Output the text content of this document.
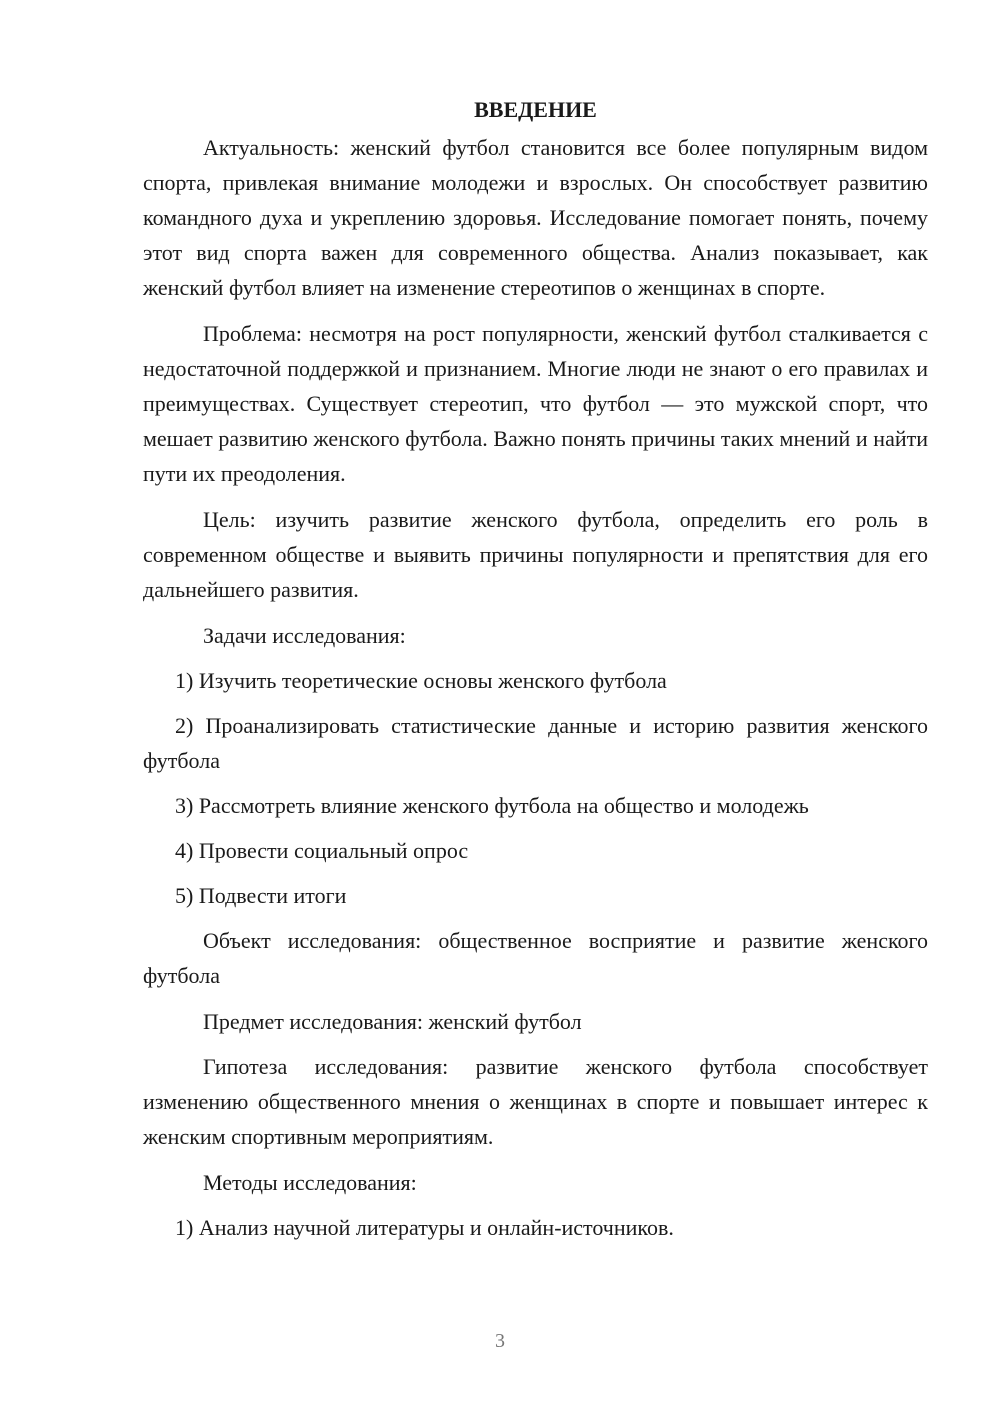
ВВЕДЕНИЕ
Актуальность: женский футбол становится все более популярным видом спорта, привлекая внимание молодежи и взрослых. Он способствует развитию командного духа и укреплению здоровья. Исследование помогает понять, почему этот вид спорта важен для современного общества. Анализ показывает, как женский футбол влияет на изменение стереотипов о женщинах в спорте.
Проблема: несмотря на рост популярности, женский футбол сталкивается с недостаточной поддержкой и признанием. Многие люди не знают о его правилах и преимуществах. Существует стереотип, что футбол — это мужской спорт, что мешает развитию женского футбола. Важно понять причины таких мнений и найти пути их преодоления.
Цель: изучить развитие женского футбола, определить его роль в современном обществе и выявить причины популярности и препятствия для его дальнейшего развития.
Задачи исследования:
1) Изучить теоретические основы женского футбола
2) Проанализировать статистические данные и историю развития женского футбола
3) Рассмотреть влияние женского футбола на общество и молодежь
4) Провести социальный опрос
5) Подвести итоги
Объект исследования: общественное восприятие и развитие женского футбола
Предмет исследования: женский футбол
Гипотеза исследования: развитие женского футбола способствует изменению общественного мнения о женщинах в спорте и повышает интерес к женским спортивным мероприятиям.
Методы исследования:
1) Анализ научной литературы и онлайн-источников.
3
